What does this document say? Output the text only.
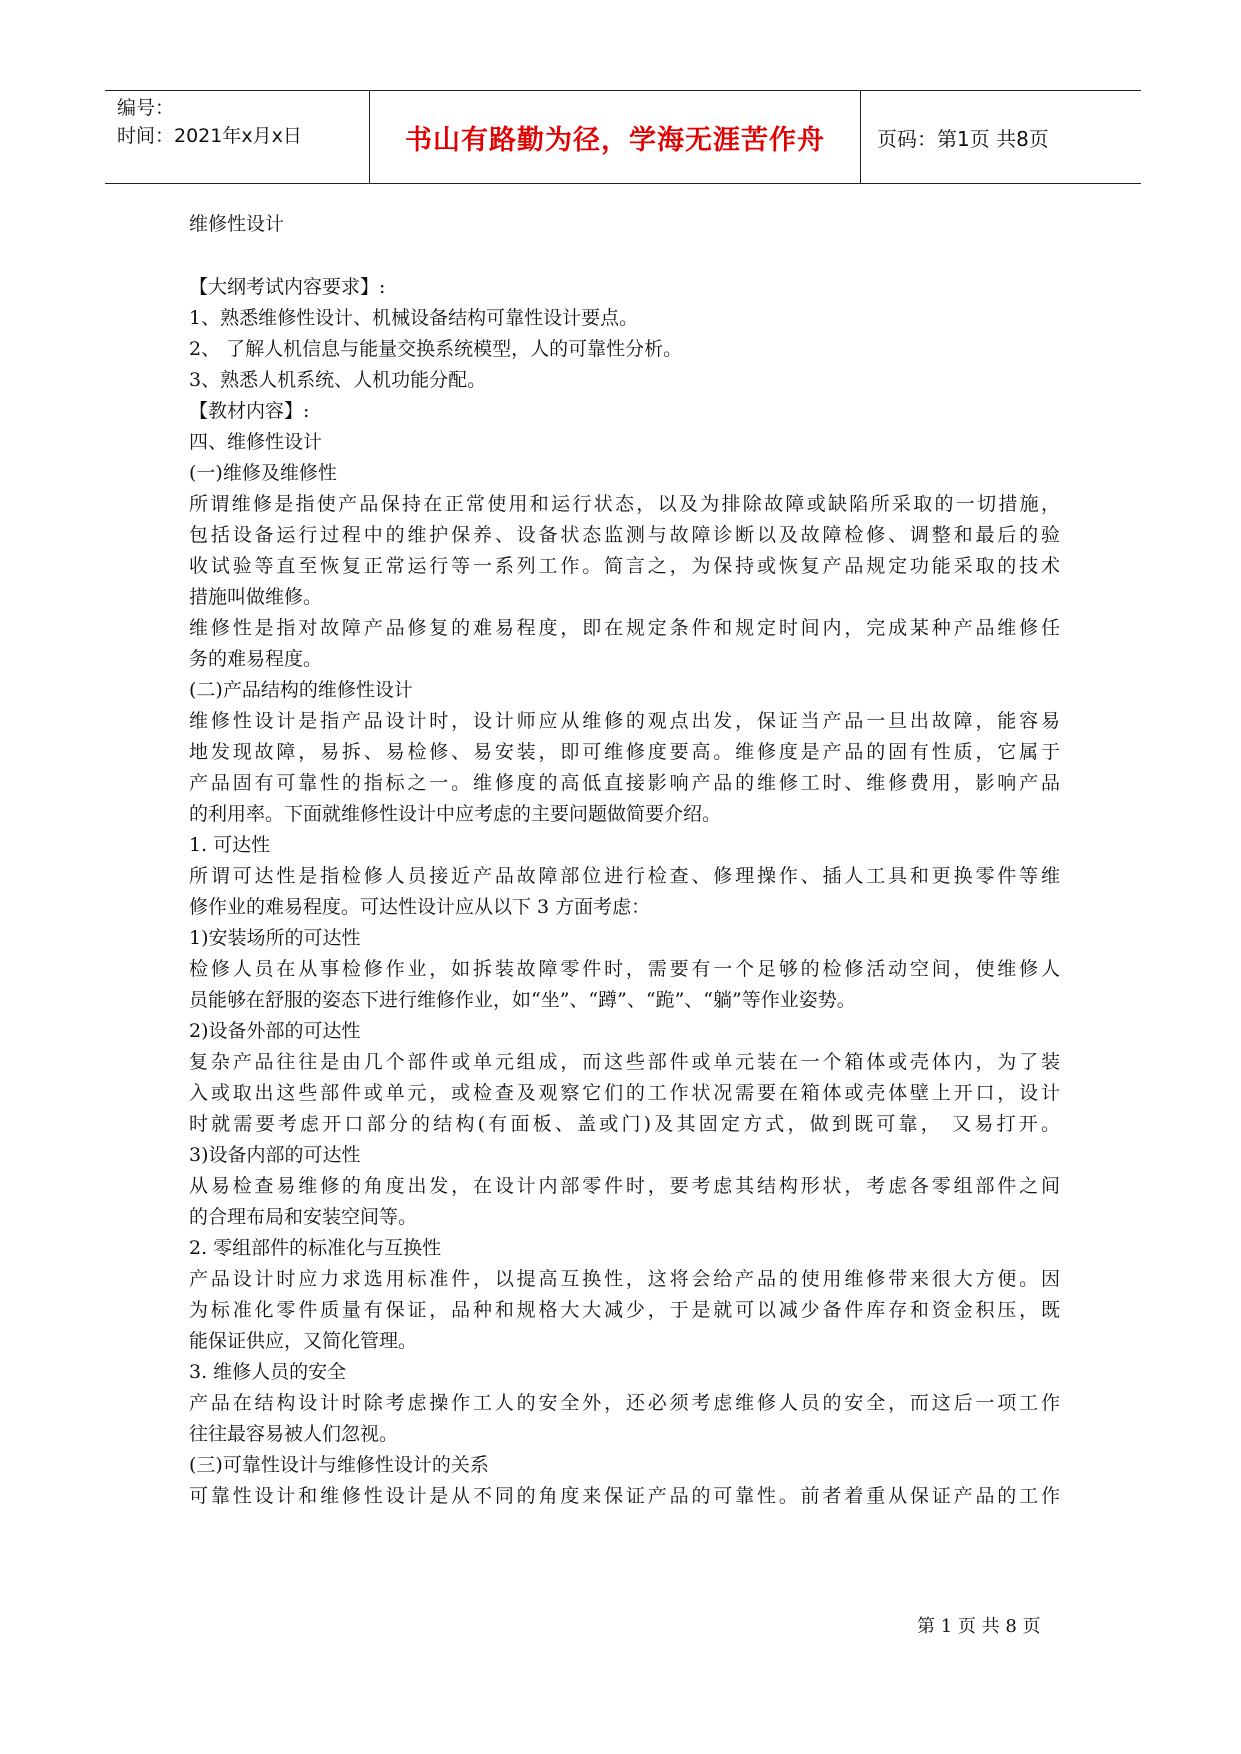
编号：
时间：2021年x月x日	书山有路勤为径，学海无涯苦作舟	页码：第1页 共8页
维修性设计
【大纲考试内容要求】:
1、熟悉维修性设计、机械设备结构可靠性设计要点。
2、 了解人机信息与能量交换系统模型，人的可靠性分析。
3、熟悉人机系统、人机功能分配。
【教材内容】:
四、维修性设计
(一)维修及维修性
所谓维修是指使产品保持在正常使用和运行状态，以及为排除故障或缺陷所采取的一切措施，
包括设备运行过程中的维护保养、设备状态监测与故障诊断以及故障检修、调整和最后的验
收试验等直至恢复正常运行等一系列工作。简言之，为保持或恢复产品规定功能采取的技术
措施叫做维修。
维修性是指对故障产品修复的难易程度，即在规定条件和规定时间内，完成某种产品维修任
务的难易程度。
(二)产品结构的维修性设计
维修性设计是指产品设计时，设计师应从维修的观点出发，保证当产品一旦出故障，能容易
地发现故障，易拆、易检修、易安装，即可维修度要高。维修度是产品的固有性质，它属于
产品固有可靠性的指标之一。维修度的高低直接影响产品的维修工时、维修费用，影响产品
的利用率。下面就维修性设计中应考虑的主要问题做简要介绍。
1. 可达性
所谓可达性是指检修人员接近产品故障部位进行检查、修理操作、插人工具和更换零件等维
修作业的难易程度。可达性设计应从以下 3 方面考虑：
1)安装场所的可达性
检修人员在从事检修作业，如拆装故障零件时，需要有一个足够的检修活动空间，使维修人
员能够在舒服的姿态下进行维修作业，如“坐”、“蹲”、“跪”、“躺”等作业姿势。
2)设备外部的可达性
复杂产品往往是由几个部件或单元组成，而这些部件或单元装在一个箱体或壳体内，为了装
入或取出这些部件或单元，或检查及观察它们的工作状况需要在箱体或壳体壁上开口，设计
时就需要考虑开口部分的结构(有面板、盖或门)及其固定方式，做到既可靠， 又易打开。
3)设备内部的可达性
从易检查易维修的角度出发，在设计内部零件时，要考虑其结构形状，考虑各零组部件之间
的合理布局和安装空间等。
2. 零组部件的标准化与互换性
产品设计时应力求选用标准件，以提高互换性，这将会给产品的使用维修带来很大方便。因
为标准化零件质量有保证，品种和规格大大减少，于是就可以减少备件库存和资金积压，既
能保证供应，又简化管理。
3. 维修人员的安全
产品在结构设计时除考虑操作工人的安全外，还必须考虑维修人员的安全，而这后一项工作
往往最容易被人们忽视。
(三)可靠性设计与维修性设计的关系
可靠性设计和维修性设计是从不同的角度来保证产品的可靠性。前者着重从保证产品的工作
第 1 页 共 8 页
